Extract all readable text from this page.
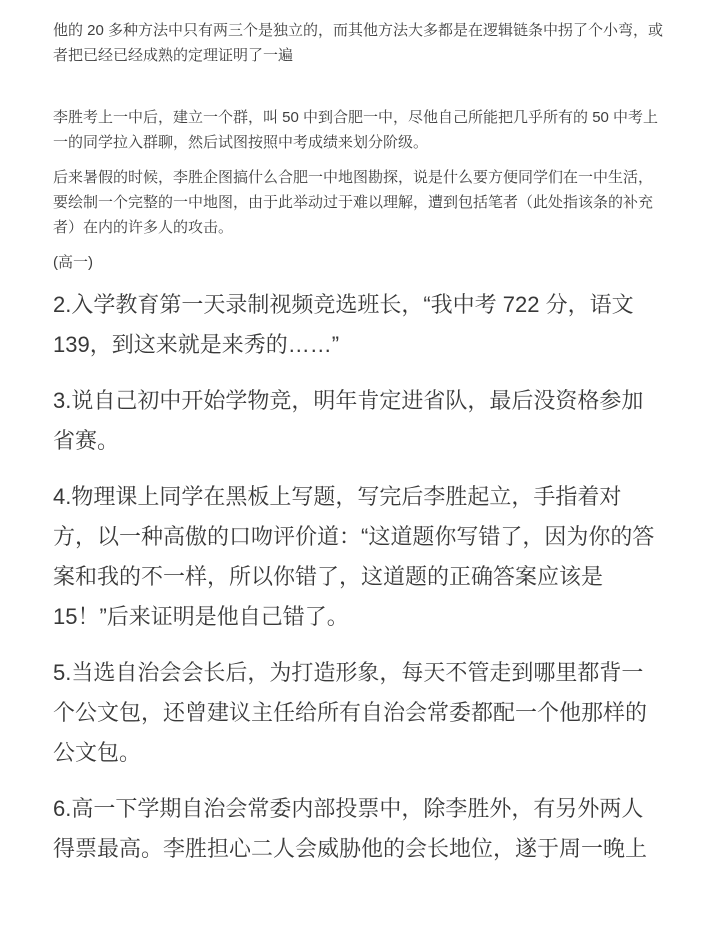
他的 20 多种方法中只有两三个是独立的，而其他方法大多都是在逻辑链条中拐了个小弯，或者把已经已经成熟的定理证明了一遍

李胜考上一中后，建立一个群，叫 50 中到合肥一中，尽他自己所能把几乎所有的 50 中考上一的同学拉入群聊，然后试图按照中考成绩来划分阶级。

后来暑假的时候，李胜企图搞什么合肥一中地图勘探，说是什么要方便同学们在一中生活，要绘制一个完整的一中地图，由于此举动过于难以理解，遭到包括笔者（此处指该条的补充者）在内的许多人的攻击。

(高一)

2.入学教育第一天录制视频竞选班长，“我中考 722 分，语文 139，到这来就是来秀的……”

3.说自己初中开始学物竞，明年肯定进省队，最后没资格参加省赛。

4.物理课上同学在黑板上写题，写完后李胜起立，手指着对方，以一种高傲的口吻评价道：“这道题你写错了，因为你的答案和我的不一样，所以你错了，这道题的正确答案应该是 15！”后来证明是他自己错了。

5.当选自治会会长后，为打造形象，每天不管走到哪里都背一个公文包，还曾建议主任给所有自治会常委都配一个他那样的公文包。

6.高一下学期自治会常委内部投票中，除李胜外，有另外两人得票最高。李胜担心二人会威胁他的会长地位，遂于周一晚上
